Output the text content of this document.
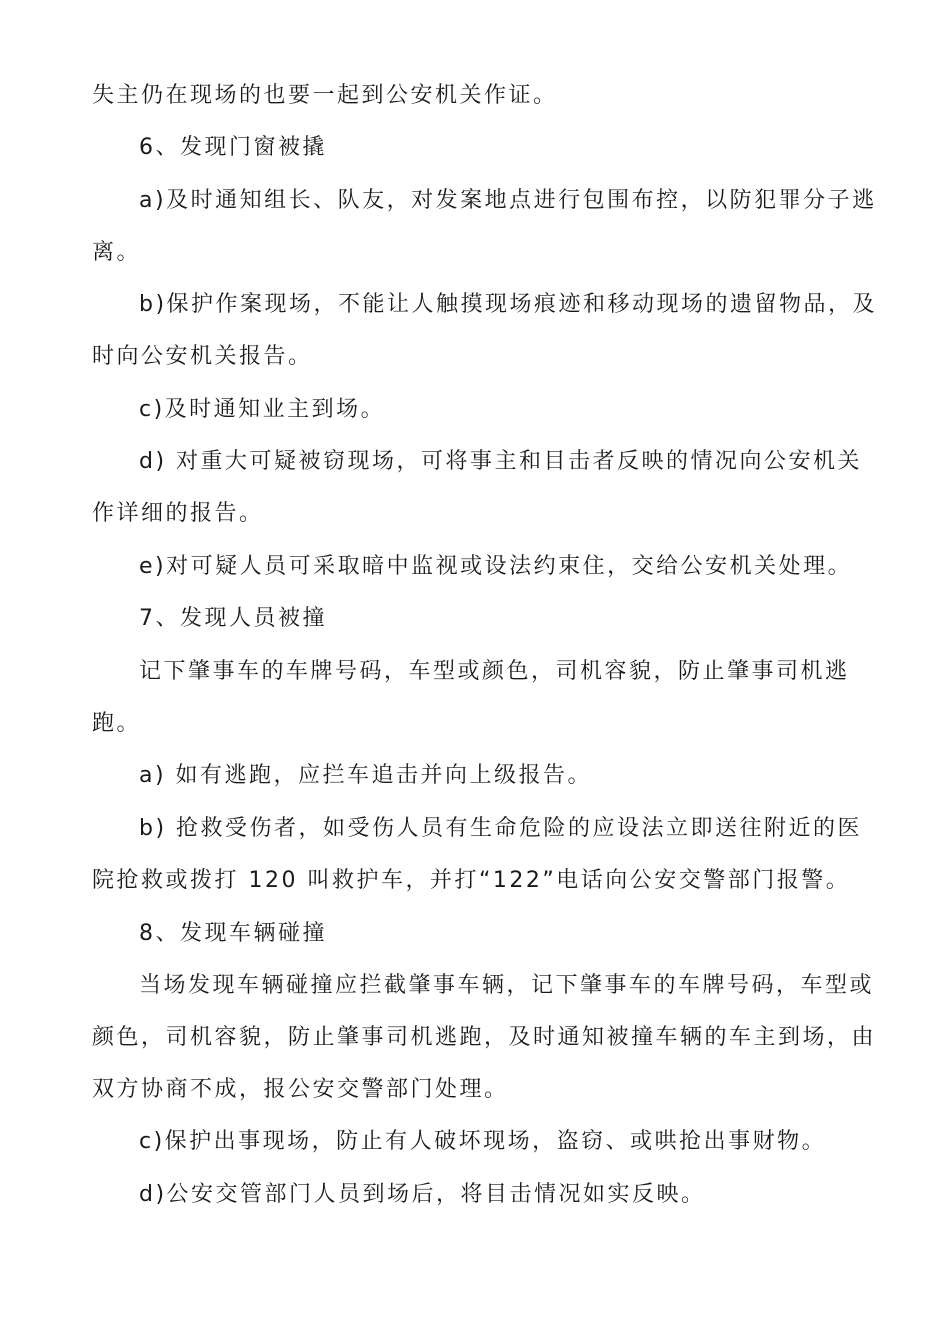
失主仍在现场的也要一起到公安机关作证。
6、发现门窗被撬
a)及时通知组长、队友，对发案地点进行包围布控，以防犯罪分子逃
离。
b)保护作案现场，不能让人触摸现场痕迹和移动现场的遗留物品，及
时向公安机关报告。
c)及时通知业主到场。
d) 对重大可疑被窃现场，可将事主和目击者反映的情况向公安机关
作详细的报告。
e)对可疑人员可采取暗中监视或设法约束住，交给公安机关处理。
7、发现人员被撞
记下肇事车的车牌号码，车型或颜色，司机容貌，防止肇事司机逃
跑。
a) 如有逃跑，应拦车追击并向上级报告。
b) 抢救受伤者，如受伤人员有生命危险的应设法立即送往附近的医
院抢救或拨打 120 叫救护车，并打“122”电话向公安交警部门报警。
8、发现车辆碰撞
当场发现车辆碰撞应拦截肇事车辆，记下肇事车的车牌号码，车型或
颜色，司机容貌，防止肇事司机逃跑，及时通知被撞车辆的车主到场，由
双方协商不成，报公安交警部门处理。
c)保护出事现场，防止有人破坏现场，盗窃、或哄抢出事财物。
d)公安交管部门人员到场后，将目击情况如实反映。
